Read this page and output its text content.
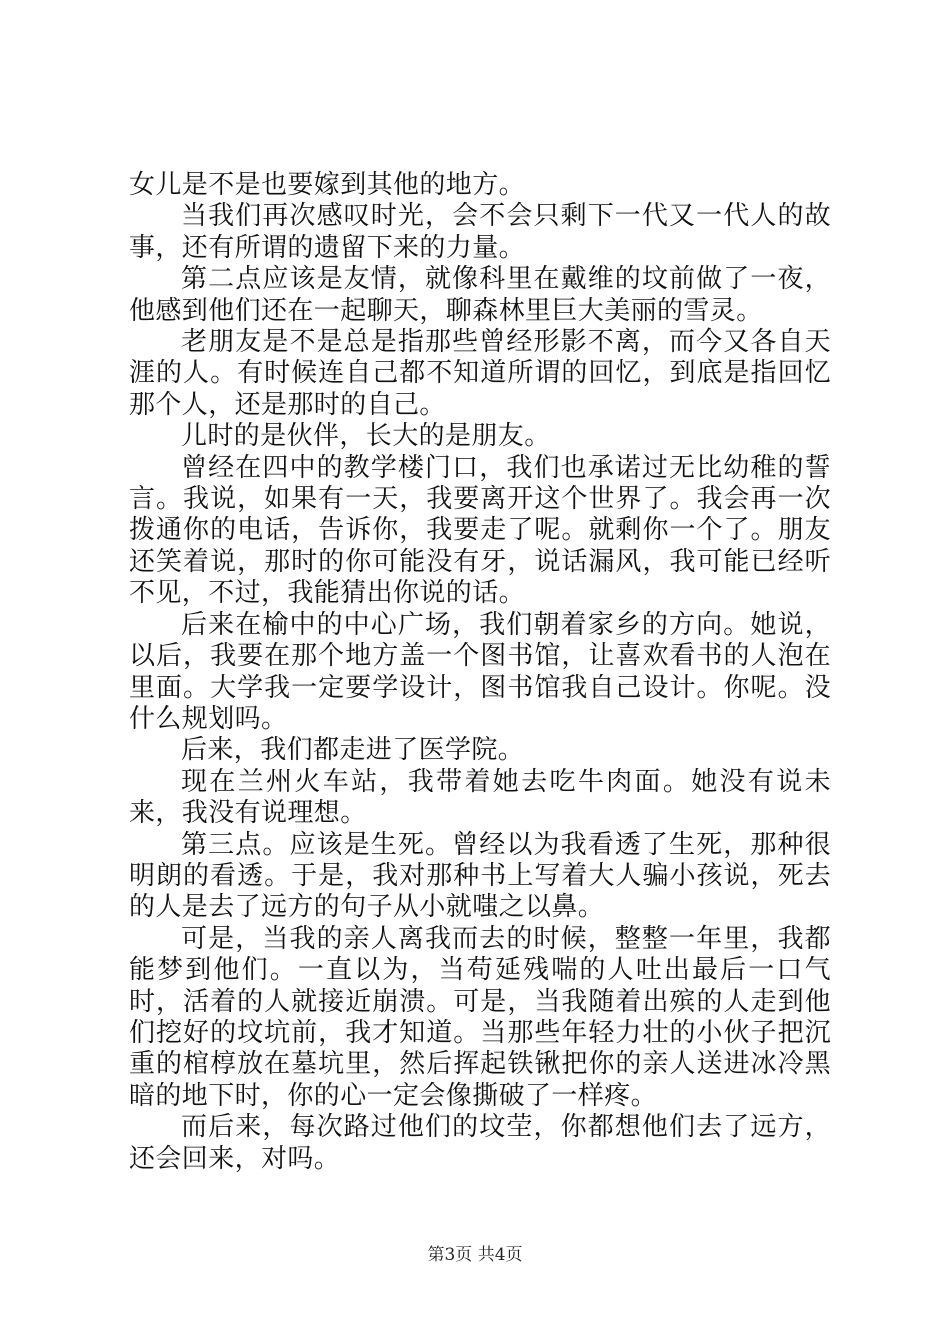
女儿是不是也要嫁到其他的地方。

当我们再次感叹时光，会不会只剩下一代又一代人的故事，还有所谓的遗留下来的力量。

第二点应该是友情，就像科里在戴维的坟前做了一夜，他感到他们还在一起聊天，聊森林里巨大美丽的雪灵。

老朋友是不是总是指那些曾经形影不离，而今又各自天涯的人。有时候连自己都不知道所谓的回忆，到底是指回忆那个人，还是那时的自己。

儿时的是伙伴，长大的是朋友。

曾经在四中的教学楼门口，我们也承诺过无比幼稚的誓言。我说，如果有一天，我要离开这个世界了。我会再一次拨通你的电话，告诉你，我要走了呢。就剩你一个了。朋友还笑着说，那时的你可能没有牙，说话漏风，我可能已经听不见，不过，我能猜出你说的话。

后来在榆中的中心广场，我们朝着家乡的方向。她说，以后，我要在那个地方盖一个图书馆，让喜欢看书的人泡在里面。大学我一定要学设计，图书馆我自己设计。你呢。没什么规划吗。

后来，我们都走进了医学院。

现在兰州火车站，我带着她去吃牛肉面。她没有说未来，我没有说理想。

第三点。应该是生死。曾经以为我看透了生死，那种很明朗的看透。于是，我对那种书上写着大人骗小孩说，死去的人是去了远方的句子从小就嗤之以鼻。

可是，当我的亲人离我而去的时候，整整一年里，我都能梦到他们。一直以为，当苟延残喘的人吐出最后一口气时，活着的人就接近崩溃。可是，当我随着出殡的人走到他们挖好的坟坑前，我才知道。当那些年轻力壮的小伙子把沉重的棺椁放在墓坑里，然后挥起铁锹把你的亲人送进冰冷黑暗的地下时，你的心一定会像撕破了一样疼。

而后来，每次路过他们的坟茔，你都想他们去了远方，还会回来，对吗。

第3页 共4页
